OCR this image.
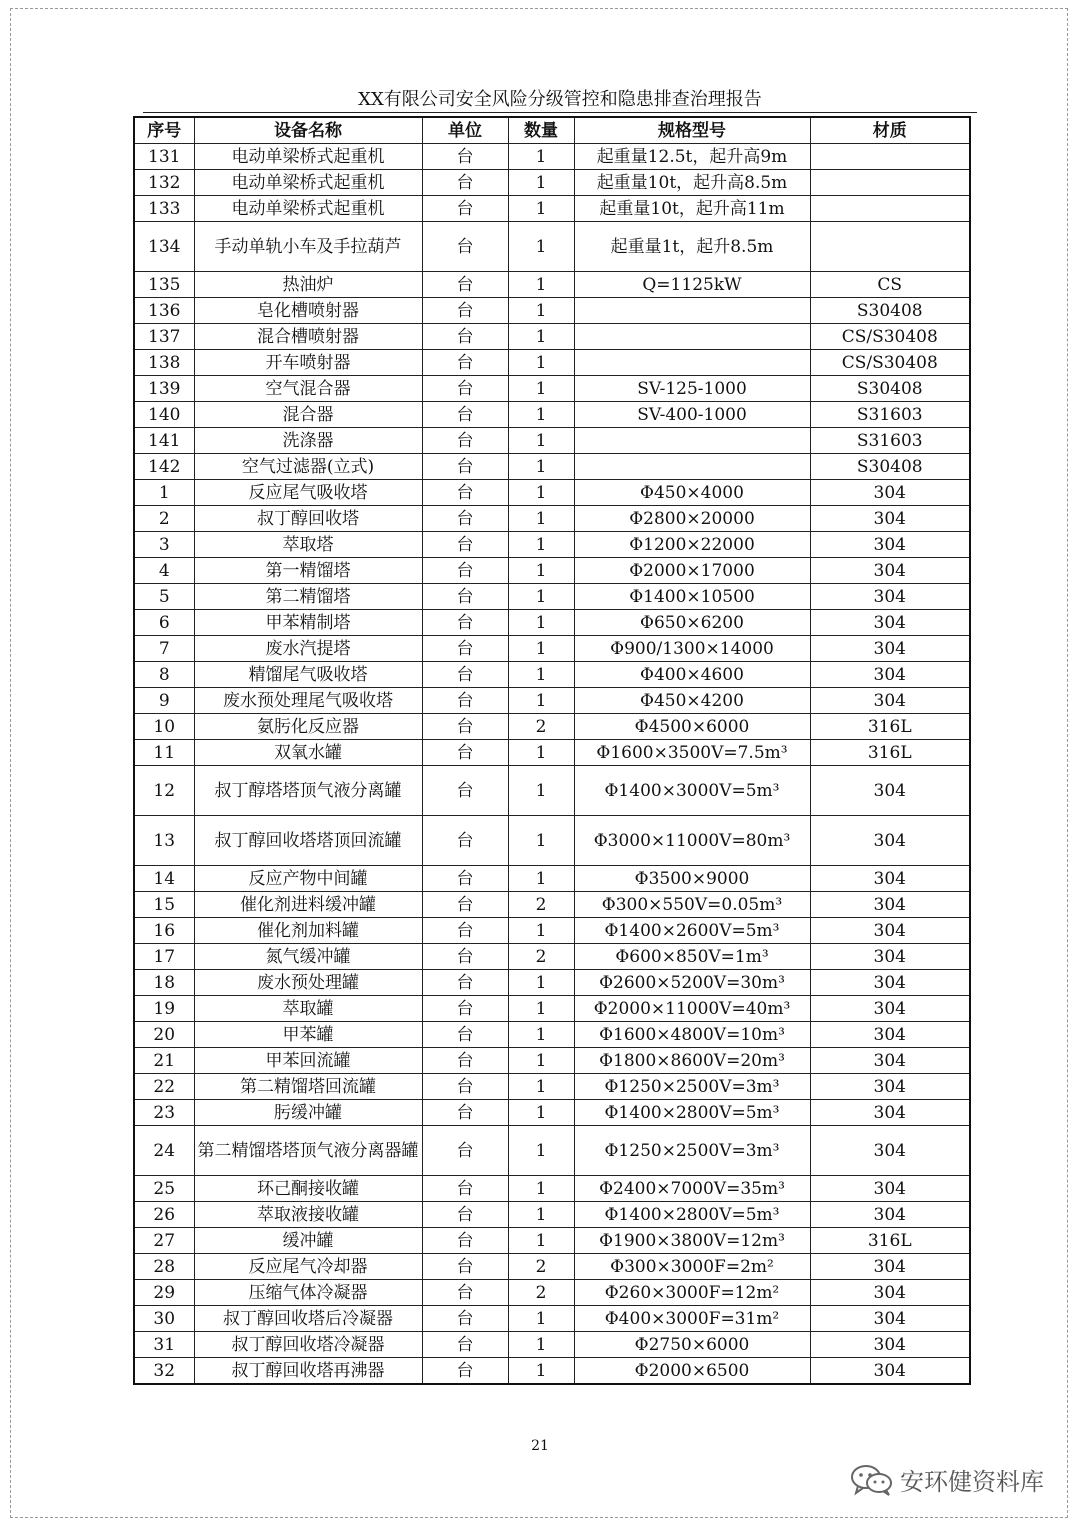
XX有限公司安全风险分级管控和隐患排查治理报告
序号	设备名称	单位	数量	规格型号	材质
131	电动单梁桥式起重机	台	1	起重量12.5t，起升高9m	
132	电动单梁桥式起重机	台	1	起重量10t，起升高8.5m	
133	电动单梁桥式起重机	台	1	起重量10t，起升高11m	
134	手动单轨小车及手拉葫芦	台	1	起重量1t，起升8.5m	
135	热油炉	台	1	Q=1125kW	CS
136	皂化槽喷射器	台	1		S30408
137	混合槽喷射器	台	1		CS/S30408
138	开车喷射器	台	1		CS/S30408
139	空气混合器	台	1	SV-125-1000	S30408
140	混合器	台	1	SV-400-1000	S31603
141	洗涤器	台	1		S31603
142	空气过滤器(立式)	台	1		S30408
1	反应尾气吸收塔	台	1	Φ450×4000	304
2	叔丁醇回收塔	台	1	Φ2800×20000	304
3	萃取塔	台	1	Φ1200×22000	304
4	第一精馏塔	台	1	Φ2000×17000	304
5	第二精馏塔	台	1	Φ1400×10500	304
6	甲苯精制塔	台	1	Φ650×6200	304
7	废水汽提塔	台	1	Φ900/1300×14000	304
8	精馏尾气吸收塔	台	1	Φ400×4600	304
9	废水预处理尾气吸收塔	台	1	Φ450×4200	304
10	氨肟化反应器	台	2	Φ4500×6000	316L
11	双氧水罐	台	1	Φ1600×3500V=7.5m³	316L
12	叔丁醇塔塔顶气液分离罐	台	1	Φ1400×3000V=5m³	304
13	叔丁醇回收塔塔顶回流罐	台	1	Φ3000×11000V=80m³	304
14	反应产物中间罐	台	1	Φ3500×9000	304
15	催化剂进料缓冲罐	台	2	Φ300×550V=0.05m³	304
16	催化剂加料罐	台	1	Φ1400×2600V=5m³	304
17	氮气缓冲罐	台	2	Φ600×850V=1m³	304
18	废水预处理罐	台	1	Φ2600×5200V=30m³	304
19	萃取罐	台	1	Φ2000×11000V=40m³	304
20	甲苯罐	台	1	Φ1600×4800V=10m³	304
21	甲苯回流罐	台	1	Φ1800×8600V=20m³	304
22	第二精馏塔回流罐	台	1	Φ1250×2500V=3m³	304
23	肟缓冲罐	台	1	Φ1400×2800V=5m³	304
24	第二精馏塔塔顶气液分离器罐	台	1	Φ1250×2500V=3m³	304
25	环己酮接收罐	台	1	Φ2400×7000V=35m³	304
26	萃取液接收罐	台	1	Φ1400×2800V=5m³	304
27	缓冲罐	台	1	Φ1900×3800V=12m³	316L
28	反应尾气冷却器	台	2	Φ300×3000F=2m²	304
29	压缩气体冷凝器	台	2	Φ260×3000F=12m²	304
30	叔丁醇回收塔后冷凝器	台	1	Φ400×3000F=31m²	304
31	叔丁醇回收塔冷凝器	台	1	Φ2750×6000	304
32	叔丁醇回收塔再沸器	台	1	Φ2000×6500	304
21
安环健资料库
